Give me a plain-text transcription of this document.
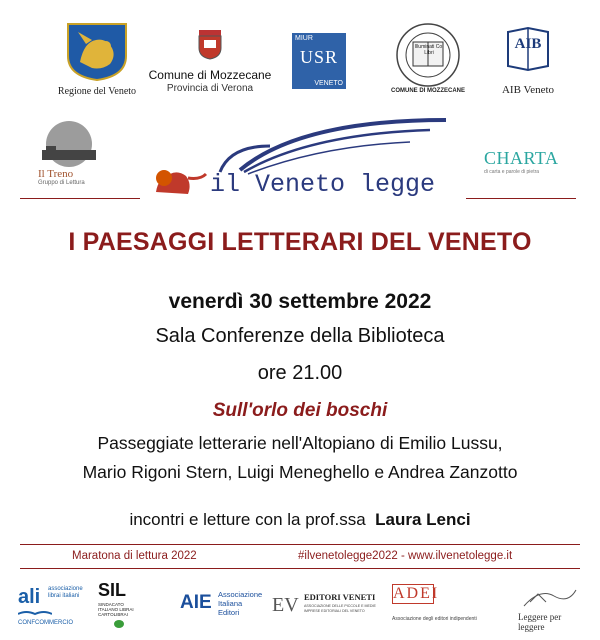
Regione del Veneto
Comune di Mozzecane
Provincia di Verona
MIUR
USR
VENETO
Illuminati Coi Libri
COMUNE DI MOZZECANE
AIB
AIB Veneto
Il Treno
Gruppo di Lettura	il Veneto legge
CHARTA
di carta e parole di pietra
I PAESAGGI LETTERARI DEL VENETO
venerdì 30 settembre 2022
Sala Conferenze della Biblioteca
ore 21.00
Sull'orlo dei boschi
Passeggiate letterarie nell'Altopiano di Emilio Lussu,
Mario Rigoni Stern, Luigi Meneghello e Andrea Zanzotto
incontri e letture con la prof.ssa Laura Lenci
Maratona di lettura 2022	#ilvenetolegge2022 - www.ilvenetolegge.it
ali associazione librai italiani
CONFCOMMERCIO
SIL
SINDACATO ITALIANO LIBRAI CARTOLIBRAI
AIE Associazione Italiana Editori	EV EDITORI VENETI
ASSOCIAZIONE DELLE PICCOLE E MEDIE IMPRESE EDITORIALI DEL VENETO
ADEI
Associazione degli editori indipendenti	Leggere per leggere
